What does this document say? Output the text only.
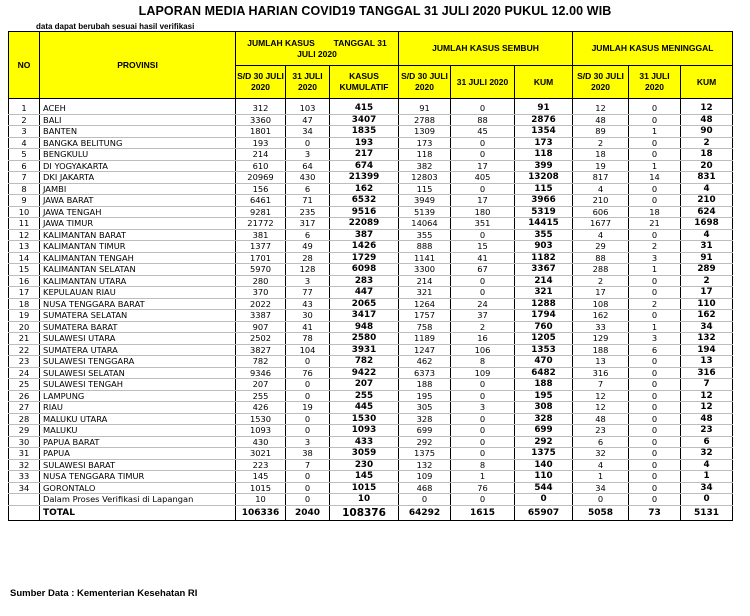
LAPORAN MEDIA HARIAN COVID19 TANGGAL 31 JULI 2020 PUKUL 12.00 WIB
data dapat berubah sesuai hasil verifikasi
NO	PROVINSI	JUMLAH KASUS        TANGGAL 31 JULI 2020			JUMLAH KASUS SEMBUH			JUMLAH KASUS MENINGGAL		
		S/D 30 JULI 2020	31 JULI 2020	KASUS KUMULATIF	S/D 30 JULI 2020	31 JULI 2020	KUM	S/D 30 JULI 2020	31 JULI 2020	KUM

1	ACEH	312	103	415	91	0	91	12	0	12
2	BALI	3360	47	3407	2788	88	2876	48	0	48
3	BANTEN	1801	34	1835	1309	45	1354	89	1	90
4	BANGKA BELITUNG	193	0	193	173	0	173	2	0	2
5	BENGKULU	214	3	217	118	0	118	18	0	18
6	DI YOGYAKARTA	610	64	674	382	17	399	19	1	20
7	DKI JAKARTA	20969	430	21399	12803	405	13208	817	14	831
8	JAMBI	156	6	162	115	0	115	4	0	4
9	JAWA BARAT	6461	71	6532	3949	17	3966	210	0	210
10	JAWA TENGAH	9281	235	9516	5139	180	5319	606	18	624
11	JAWA TIMUR	21772	317	22089	14064	351	14415	1677	21	1698
12	KALIMANTAN BARAT	381	6	387	355	0	355	4	0	4
13	KALIMANTAN TIMUR	1377	49	1426	888	15	903	29	2	31
14	KALIMANTAN TENGAH	1701	28	1729	1141	41	1182	88	3	91
15	KALIMANTAN SELATAN	5970	128	6098	3300	67	3367	288	1	289
16	KALIMANTAN UTARA	280	3	283	214	0	214	2	0	2
17	KEPULAUAN RIAU	370	77	447	321	0	321	17	0	17
18	NUSA TENGGARA BARAT	2022	43	2065	1264	24	1288	108	2	110
19	SUMATERA SELATAN	3387	30	3417	1757	37	1794	162	0	162
20	SUMATERA BARAT	907	41	948	758	2	760	33	1	34
21	SULAWESI UTARA	2502	78	2580	1189	16	1205	129	3	132
22	SUMATERA UTARA	3827	104	3931	1247	106	1353	188	6	194
23	SULAWESI TENGGARA	782	0	782	462	8	470	13	0	13
24	SULAWESI SELATAN	9346	76	9422	6373	109	6482	316	0	316
25	SULAWESI TENGAH	207	0	207	188	0	188	7	0	7
26	LAMPUNG	255	0	255	195	0	195	12	0	12
27	RIAU	426	19	445	305	3	308	12	0	12
28	MALUKU UTARA	1530	0	1530	328	0	328	48	0	48
29	MALUKU	1093	0	1093	699	0	699	23	0	23
30	PAPUA BARAT	430	3	433	292	0	292	6	0	6
31	PAPUA	3021	38	3059	1375	0	1375	32	0	32
32	SULAWESI BARAT	223	7	230	132	8	140	4	0	4
33	NUSA TENGGARA TIMUR	145	0	145	109	1	110	1	0	1
34	GORONTALO	1015	0	1015	468	76	544	34	0	34
	Dalam Proses Verifikasi di Lapangan	10	0	10	0	0	0	0	0	0
	TOTAL	106336	2040	108376	64292	1615	65907	5058	73	5131
Sumber Data : Kementerian Kesehatan RI
